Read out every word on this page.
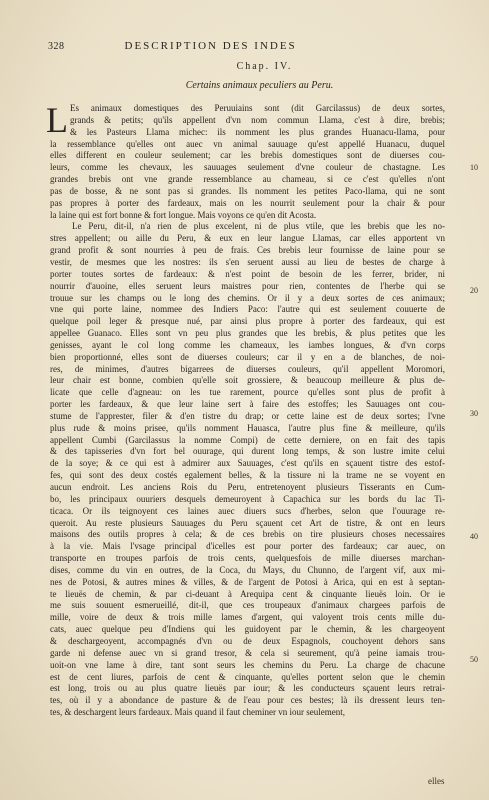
328	DESCRIPTION DES INDES
Chap. IV.
Certains animaux peculiers au Peru.
L Es animaux domestiques des Peruuiains sont (dit Garcilassus) de deux sortes,
grands & petits; qu'ils appellent d'vn nom commun Llama, c'est à dire, brebis;
& les Pasteurs Llama michec: ils nomment les plus grandes Huanacu-llama, pour
la ressemblance qu'elles ont auec vn animal sauuage qu'est appellé Huanacu, duquel
elles different en couleur seulement; car les brebis domestiques sont de diuerses cou-
leurs, comme les chevaux, les sauuages seulement d'vne couleur de chastagne. Les
grandes brebis ont vne grande ressemblance au chameau, si ce c'est qu'elles n'ont
pas de bosse, & ne sont pas si grandes. Ils nomment les petites Paco-llama, qui ne sont
pas propres à porter des fardeaux, mais on les nourrit seulement pour la chair & pour
la laine qui est fort bonne & fort longue. Mais voyons ce qu'en dit Acosta.
Le Peru, dit-il, n'a rien de plus excelent, ni de plus vtile, que les brebis que les no-
stres appellent; ou aille du Peru, & eux en leur langue Llamas, car elles apportent vn
grand profit & sont nourries à peu de frais. Ces brebis leur fournisse de laine pour se
vestir, de mesmes que les nostres: ils s'en seruent aussi au lieu de bestes de charge à
porter toutes sortes de fardeaux: & n'est point de besoin de les ferrer, brider, ni
nourrir d'auoine, elles seruent leurs maistres pour rien, contentes de l'herbe qui se
trouue sur les champs ou le long des chemins. Or il y a deux sortes de ces animaux;
vne qui porte laine, nommee des Indiers Paco: l'autre qui est seulement couuerte de
quelque poil leger & presque nué, par ainsi plus propre à porter des fardeaux, qui est
appellee Guanaco. Elles sont vn peu plus grandes que les brebis, & plus petites que les
genisses, ayant le col long comme les chameaux, les iambes longues, & d'vn corps
bien proportionné, elles sont de diuerses couleurs; car il y en a de blanches, de noi-
res, de minimes, d'autres bigarrees de diuerses couleurs, qu'il appellent Moromori,
leur chair est bonne, combien qu'elle soit grossiere, & beaucoup meilleure & plus de-
licate que celle d'agneau: on les tue rarement, pource qu'elles sont plus de profit à
porter les fardeaux, & que leur laine sert à faire des estoffes; les Sauuages ont cou-
stume de l'apprester, filer & d'en tistre du drap; or cette laine est de deux sortes; l'vne
plus rude & moins prisee, qu'ils nomment Hauasca, l'autre plus fine & meilleure, qu'ils
appellent Cumbi (Garcilassus la nomme Compi) de cette derniere, on en fait des tapis
& des tapisseries d'vn fort bel ouurage, qui durent long temps, & son lustre imite celui
de la soye; & ce qui est à admirer aux Sauuages, c'est qu'ils en sçauent tistre des estof-
fes, qui sont des deux costés egalement belles, & la tissure ni la trame ne se voyent en
aucun endroit. Les anciens Rois du Peru, entretenoyent plusieurs Tisserants en Cum-
bo, les principaux ouuriers desquels demeuroyent à Capachica sur les bords du lac Ti-
ticaca. Or ils teignoyent ces laines auec diuers sucs d'herbes, selon que l'ouurage re-
queroit. Au reste plusieurs Sauuages du Peru sçauent cet Art de tistre, & ont en leurs
maisons des outils propres à cela; & de ces brebis on tire plusieurs choses necessaires
à la vie. Mais l'vsage principal d'icelles est pour porter des fardeaux; car auec, on
transporte en troupes parfois de trois cents, quelquesfois de mille diuerses marchan-
dises, comme du vin en outres, de la Coca, du Mays, du Chunno, de l'argent vif, aux mi-
nes de Potosi, & autres mines & villes, & de l'argent de Potosi à Arica, qui en est à septan-
te lieuës de chemin, & par ci-deuant à Arequipa cent & cinquante lieuës loin. Or ie
me suis souuent esmerueillé, dit-il, que ces troupeaux d'animaux chargees parfois de
mille, voire de deux & trois mille lames d'argent, qui valoyent trois cents mille du-
cats, auec quelque peu d'Indiens qui les guidoyent par le chemin, & les chargeoyent
& deschargeoyent, accompagnés d'vn ou de deux Espagnols, couchoyent dehors sans
garde ni defense auec vn si grand tresor, & cela si seurement, qu'à peine iamais trou-
uoit-on vne lame à dire, tant sont seurs les chemins du Peru. La charge de chacune
est de cent liures, parfois de cent & cinquante, qu'elles portent selon que le chemin
est long, trois ou au plus quatre lieuës par iour; & les conducteurs sçauent leurs retrai-
tes, où il y a abondance de pasture & de l'eau pour ces bestes; là ils dressent leurs ten-
tes, & deschargent leurs fardeaux. Mais quand il faut cheminer vn iour seulement,
10
20
30
40
50
elles
